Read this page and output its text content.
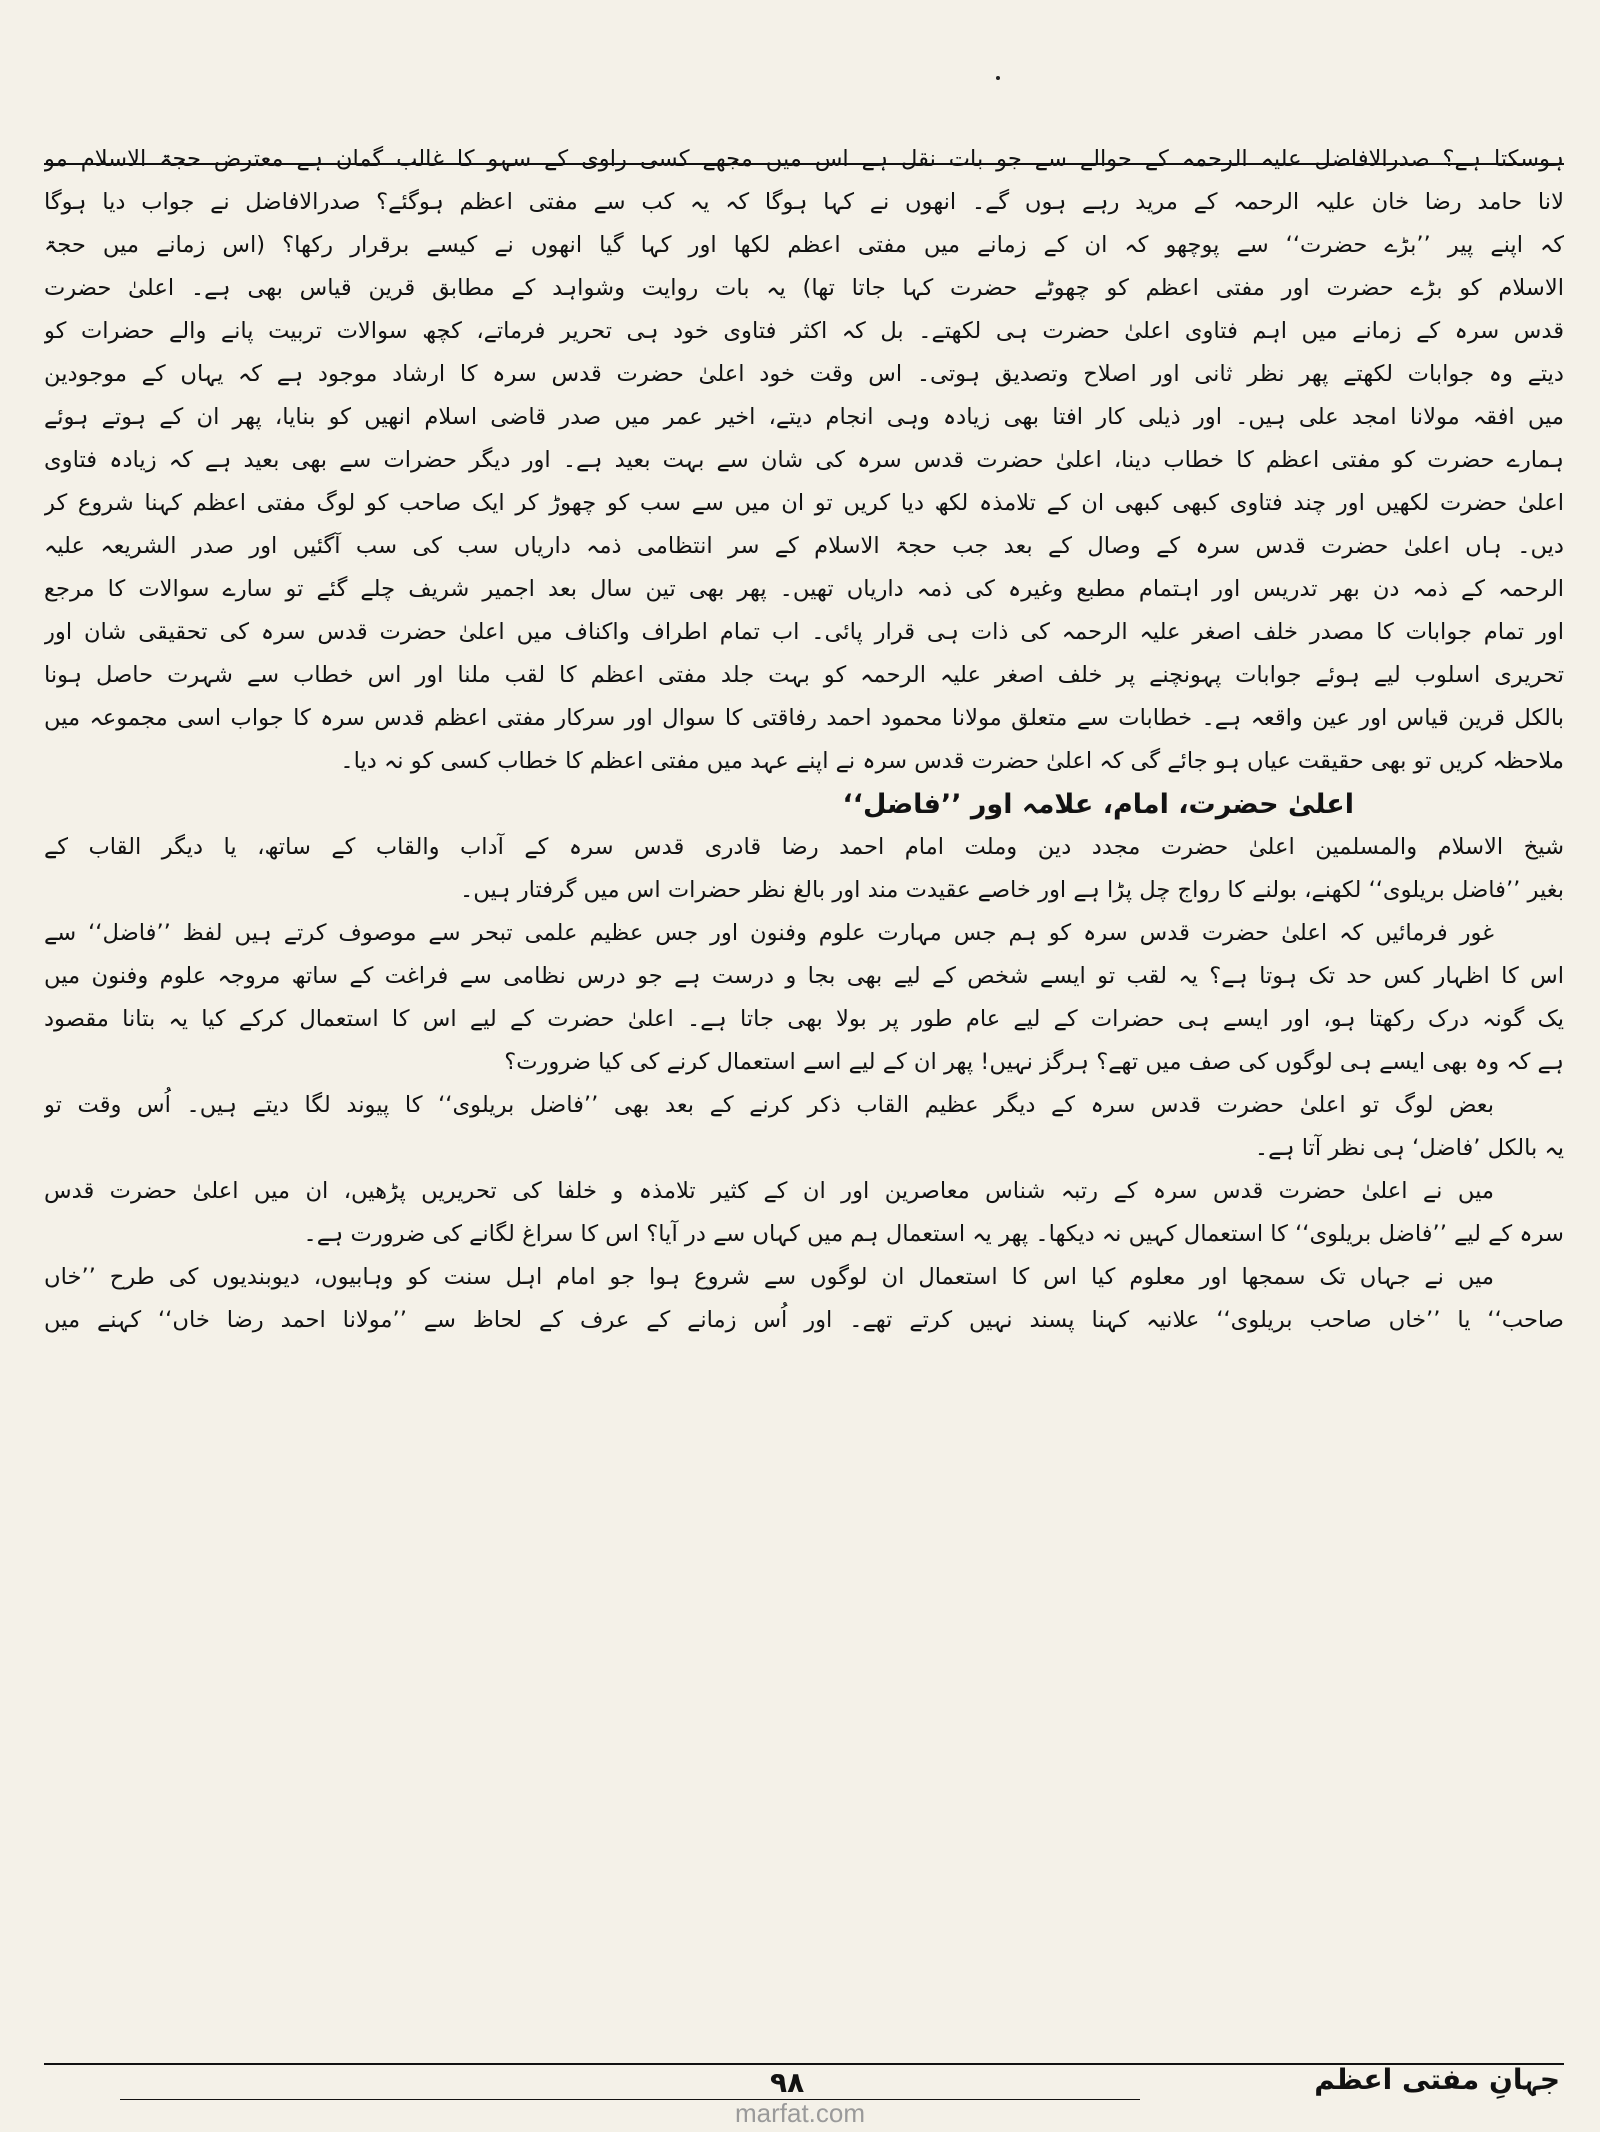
ہوسکتا ہے؟ صدرالافاضل علیہ الرحمہ کے حوالے سے جو بات نقل ہے اس میں مجھے کسی راوی کے سہو کا غالب گمان ہے معترض حجۃ الاسلام مو

لانا حامد رضا خان علیہ الرحمہ کے مرید رہے ہوں گے۔ انھوں نے کہا ہوگا کہ یہ کب سے مفتی اعظم ہوگئے؟ صدرالافاضل نے جواب دیا ہوگا

کہ اپنے پیر ’’بڑے حضرت‘‘ سے پوچھو کہ ان کے زمانے میں مفتی اعظم لکھا اور کہا گیا انھوں نے کیسے برقرار رکھا؟ (اس زمانے میں حجۃ

الاسلام کو بڑے حضرت اور مفتی اعظم کو چھوٹے حضرت کہا جاتا تھا) یہ بات روایت وشواہد کے مطابق قرین قیاس بھی ہے۔ اعلیٰ حضرت

قدس سرہ کے زمانے میں اہم فتاوی اعلیٰ حضرت ہی لکھتے۔ بل کہ اکثر فتاوی خود ہی تحریر فرماتے، کچھ سوالات تربیت پانے والے حضرات کو

دیتے وہ جوابات لکھتے پھر نظر ثانی اور اصلاح وتصدیق ہوتی۔ اس وقت خود اعلیٰ حضرت قدس سرہ کا ارشاد موجود ہے کہ یہاں کے موجودین

میں افقہ مولانا امجد علی ہیں۔ اور ذیلی کار افتا بھی زیادہ وہی انجام دیتے، اخیر عمر میں صدر قاضی اسلام انھیں کو بنایا، پھر ان کے ہوتے ہوئے

ہمارے حضرت کو مفتی اعظم کا خطاب دینا، اعلیٰ حضرت قدس سرہ کی شان سے بہت بعید ہے۔ اور دیگر حضرات سے بھی بعید ہے کہ زیادہ فتاوی

اعلیٰ حضرت لکھیں اور چند فتاوی کبھی کبھی ان کے تلامذہ لکھ دیا کریں تو ان میں سے سب کو چھوڑ کر ایک صاحب کو لوگ مفتی اعظم کہنا شروع کر

دیں۔ ہاں اعلیٰ حضرت قدس سرہ کے وصال کے بعد جب حجۃ الاسلام کے سر انتظامی ذمہ داریاں سب کی سب آگئیں اور صدر الشریعہ علیہ

الرحمہ کے ذمہ دن بھر تدریس اور اہتمام مطبع وغیرہ کی ذمہ داریاں تھیں۔ پھر بھی تین سال بعد اجمیر شریف چلے گئے تو سارے سوالات کا مرجع

اور تمام جوابات کا مصدر خلف اصغر علیہ الرحمہ کی ذات ہی قرار پائی۔ اب تمام اطراف واکناف میں اعلیٰ حضرت قدس سرہ کی تحقیقی شان اور

تحریری اسلوب لیے ہوئے جوابات پہونچنے پر خلف اصغر علیہ الرحمہ کو بہت جلد مفتی اعظم کا لقب ملنا اور اس خطاب سے شہرت حاصل ہونا

بالکل قرین قیاس اور عین واقعہ ہے۔ خطابات سے متعلق مولانا محمود احمد رفاقتی کا سوال اور سرکار مفتی اعظم قدس سرہ کا جواب اسی مجموعہ میں

ملاحظہ کریں تو بھی حقیقت عیاں ہو جائے گی کہ اعلیٰ حضرت قدس سرہ نے اپنے عہد میں مفتی اعظم کا خطاب کسی کو نہ دیا۔

اعلیٰ حضرت، امام، علامہ اور ’’فاضل‘‘

شیخ الاسلام والمسلمین اعلیٰ حضرت مجدد دین وملت امام احمد رضا قادری قدس سرہ کے آداب والقاب کے ساتھ، یا دیگر القاب کے

بغیر ’’فاضل بریلوی‘‘ لکھنے، بولنے کا رواج چل پڑا ہے اور خاصے عقیدت مند اور بالغ نظر حضرات اس میں گرفتار ہیں۔

غور فرمائیں کہ اعلیٰ حضرت قدس سرہ کو ہم جس مہارت علوم وفنون اور جس عظیم علمی تبحر سے موصوف کرتے ہیں لفظ ’’فاضل‘‘ سے

اس کا اظہار کس حد تک ہوتا ہے؟ یہ لقب تو ایسے شخص کے لیے بھی بجا و درست ہے جو درس نظامی سے فراغت کے ساتھ مروجہ علوم وفنون میں

یک گونہ درک رکھتا ہو، اور ایسے ہی حضرات کے لیے عام طور پر بولا بھی جاتا ہے۔ اعلیٰ حضرت کے لیے اس کا استعمال کرکے کیا یہ بتانا مقصود

ہے کہ وہ بھی ایسے ہی لوگوں کی صف میں تھے؟ ہرگز نہیں! پھر ان کے لیے اسے استعمال کرنے کی کیا ضرورت؟

بعض لوگ تو اعلیٰ حضرت قدس سرہ کے دیگر عظیم القاب ذکر کرنے کے بعد بھی ’’فاضل بریلوی‘‘ کا پیوند لگا دیتے ہیں۔ اُس وقت تو

یہ بالکل ’فاضل‘ ہی نظر آتا ہے۔

میں نے اعلیٰ حضرت قدس سرہ کے رتبہ شناس معاصرین اور ان کے کثیر تلامذہ و خلفا کی تحریریں پڑھیں، ان میں اعلیٰ حضرت قدس

سرہ کے لیے ’’فاضل بریلوی‘‘ کا استعمال کہیں نہ دیکھا۔ پھر یہ استعمال ہم میں کہاں سے در آیا؟ اس کا سراغ لگانے کی ضرورت ہے۔

میں نے جہاں تک سمجھا اور معلوم کیا اس کا استعمال ان لوگوں سے شروع ہوا جو امام اہل سنت کو وہابیوں، دیوبندیوں کی طرح ’’خاں

صاحب‘‘ یا ’’خاں صاحب بریلوی‘‘ علانیہ کہنا پسند نہیں کرتے تھے۔ اور اُس زمانے کے عرف کے لحاظ سے ’’مولانا احمد رضا خاں‘‘ کہنے میں

جہانِ مفتی اعظم
۹۸
marfat.com
